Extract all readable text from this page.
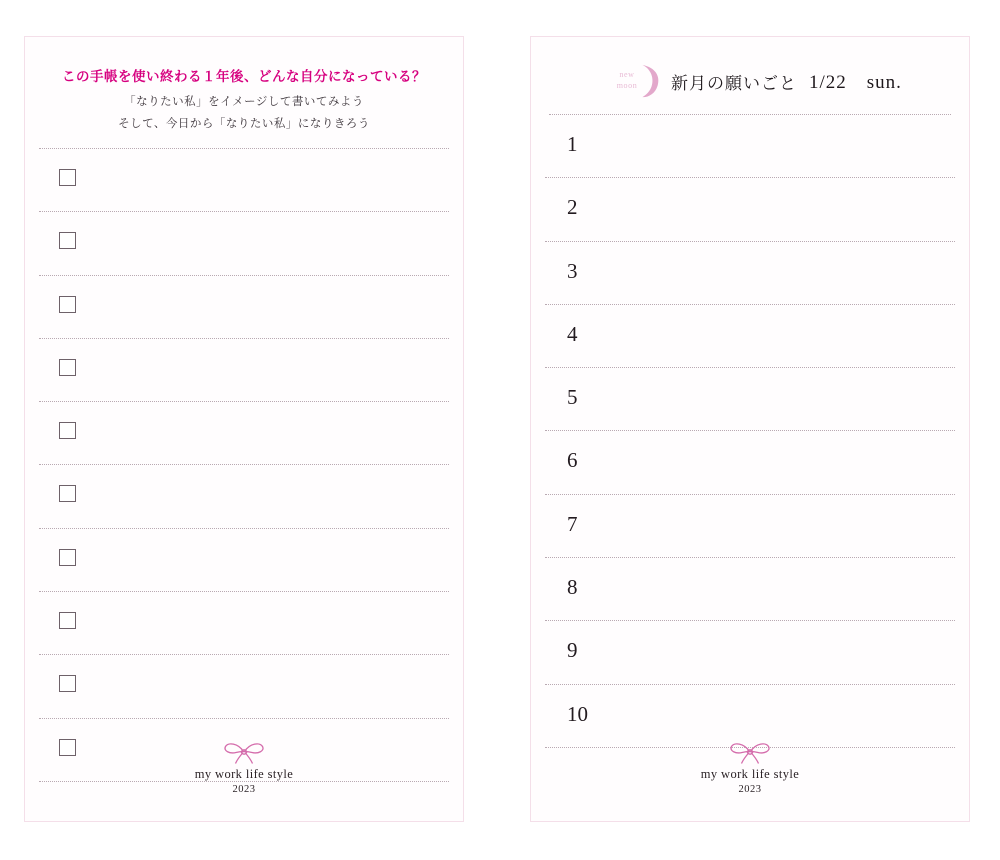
この手帳を使い終わる１年後、どんな自分になっている？
「なりたい私」をイメージして書いてみよう
そして、今日から「なりたい私」になりきろう
my work life style
2023
new
moon	新月の願いごと 1/22　sun.
1
2
3
4
5
6
7
8
9
10
my work life style
2023
